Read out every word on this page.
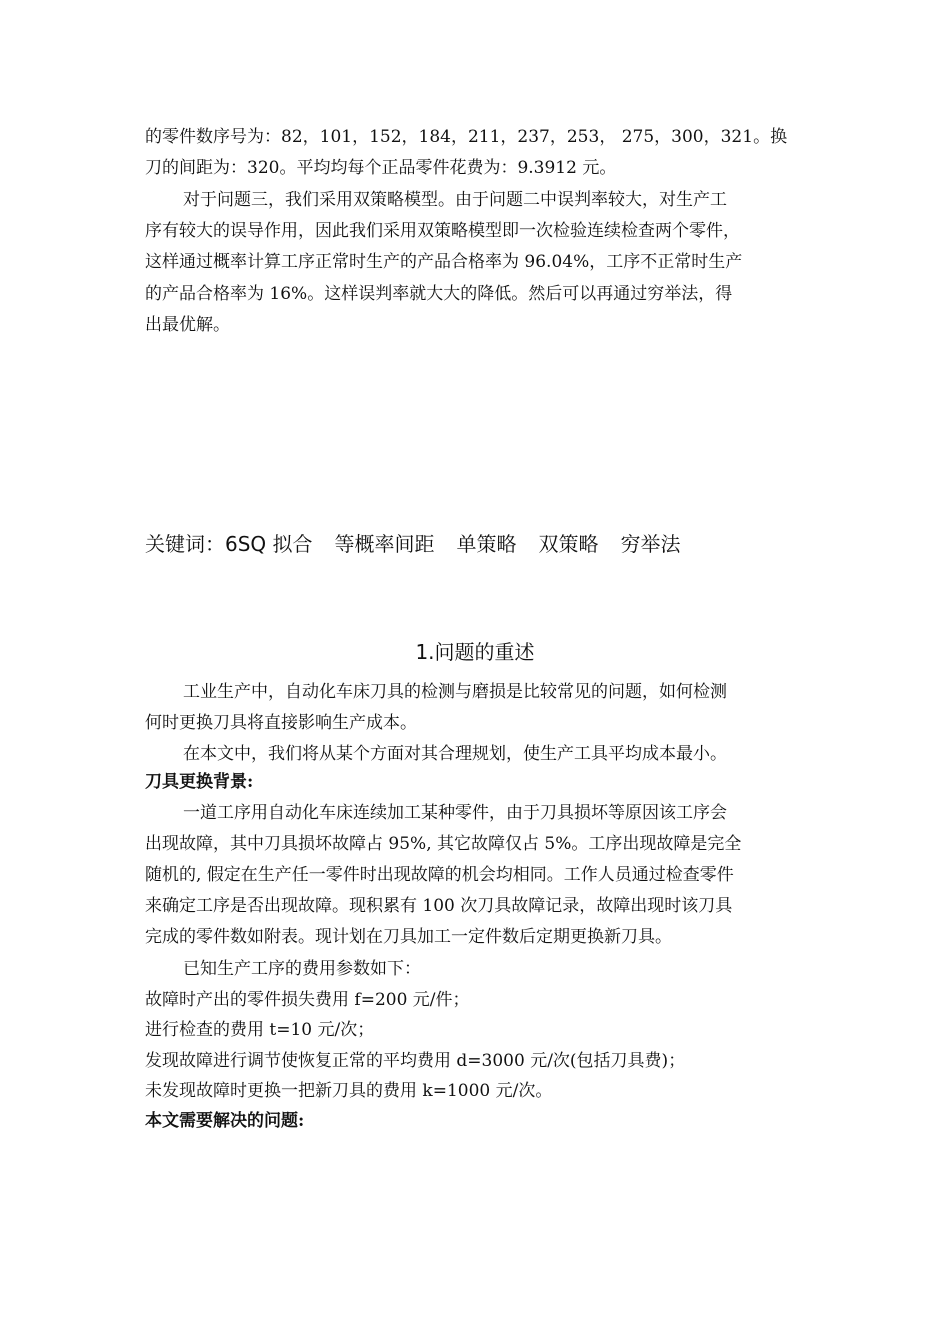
的零件数序号为：82，101，152，184，211，237，253， 275，300，321。换
刀的间距为：320。平均均每个正品零件花费为：9.3912 元。
对于问题三，我们采用双策略模型。由于问题二中误判率较大，对生产工
序有较大的误导作用，因此我们采用双策略模型即一次检验连续检查两个零件，
这样通过概率计算工序正常时生产的产品合格率为 96.04%，工序不正常时生产
的产品合格率为 16%。这样误判率就大大的降低。然后可以再通过穷举法，得
出最优解。
关键词：6SQ 拟合 等概率间距 单策略 双策略 穷举法
1.问题的重述
工业生产中，自动化车床刀具的检测与磨损是比较常见的问题，如何检测
何时更换刀具将直接影响生产成本。
在本文中，我们将从某个方面对其合理规划，使生产工具平均成本最小。
刀具更换背景:
一道工序用自动化车床连续加工某种零件，由于刀具损坏等原因该工序会
出现故障，其中刀具损坏故障占 95%, 其它故障仅占 5%。工序出现故障是完全
随机的, 假定在生产任一零件时出现故障的机会均相同。工作人员通过检查零件
来确定工序是否出现故障。现积累有 100 次刀具故障记录，故障出现时该刀具
完成的零件数如附表。现计划在刀具加工一定件数后定期更换新刀具。
已知生产工序的费用参数如下：
故障时产出的零件损失费用 f=200 元/件；
进行检查的费用 t=10 元/次；
发现故障进行调节使恢复正常的平均费用 d=3000 元/次(包括刀具费)；
未发现故障时更换一把新刀具的费用 k=1000 元/次。
本文需要解决的问题:
